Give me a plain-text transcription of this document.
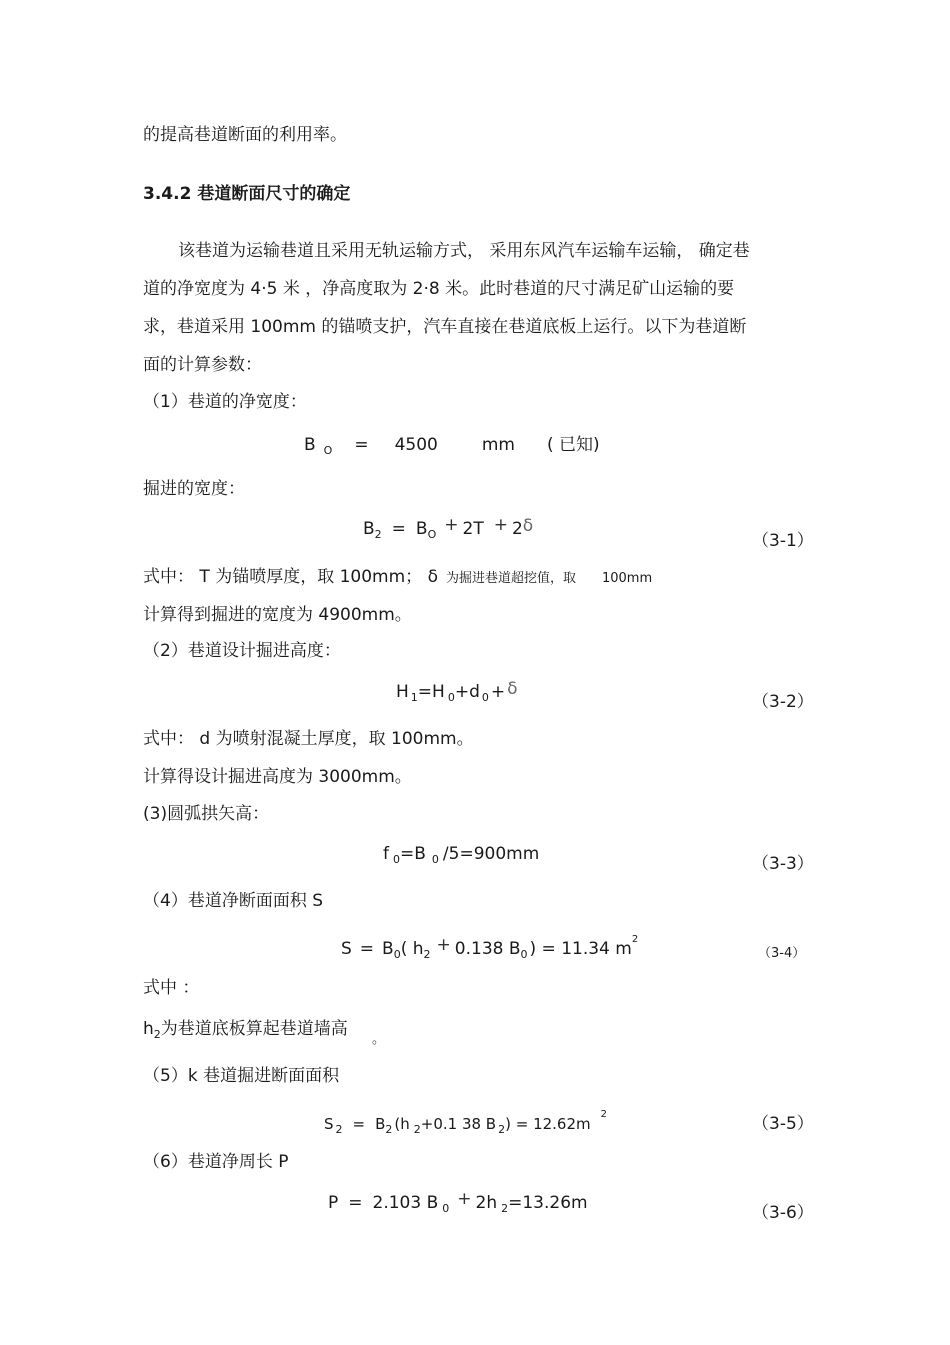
的提高巷道断面的利用率。
3.4.2 巷道断面尺寸的确定
该巷道为运输巷道且采用无轨运输方式， 采用东风汽车运输车运输， 确定巷
道的净宽度为 4·5 米 ，净高度取为 2·8 米。此时巷道的尺寸满足矿山运输的要
求，巷道采用 100mm 的锚喷支护，汽车直接在巷道底板上运行。以下为巷道断
面的计算参数：
（1）巷道的净宽度：
B $_O$ = 4500	mm ( 已知)
掘进的宽度：
$B_2 = B_O + 2T + 2\delta$
（3-1）
式中： T 为锚喷厚度，取 100mm； δ 为掘进巷道超挖值，取 100mm
计算得到掘进的宽度为 4900mm。
（2）巷道设计掘进高度：
H $_1$=H $_0$+d $_0$ + δ
（3-2）
式中： d 为喷射混凝土厚度，取 100mm。
计算得设计掘进高度为 3000mm。
(3)圆弧拱矢高：
f $_0$=B $_0$ /5=900mm	（3-3）
（4）巷道净断面面积 S
$S = B_0$( $h_2 + 0.138$ $B_0$ ) = 11.34 $m^2$
（3-4）
式中 ：
$h_2$为巷道底板算起巷道墙高
。
（5）k 巷道掘进断面面积
S $_2 = B_2$ (h $_2$+0.1 38 B $_2) = 12.62m^2$	（3-5）
（6）巷道净周长 P
P = 2.103 B $_0$ + 2h $_2$=13.26m	（3-6）
